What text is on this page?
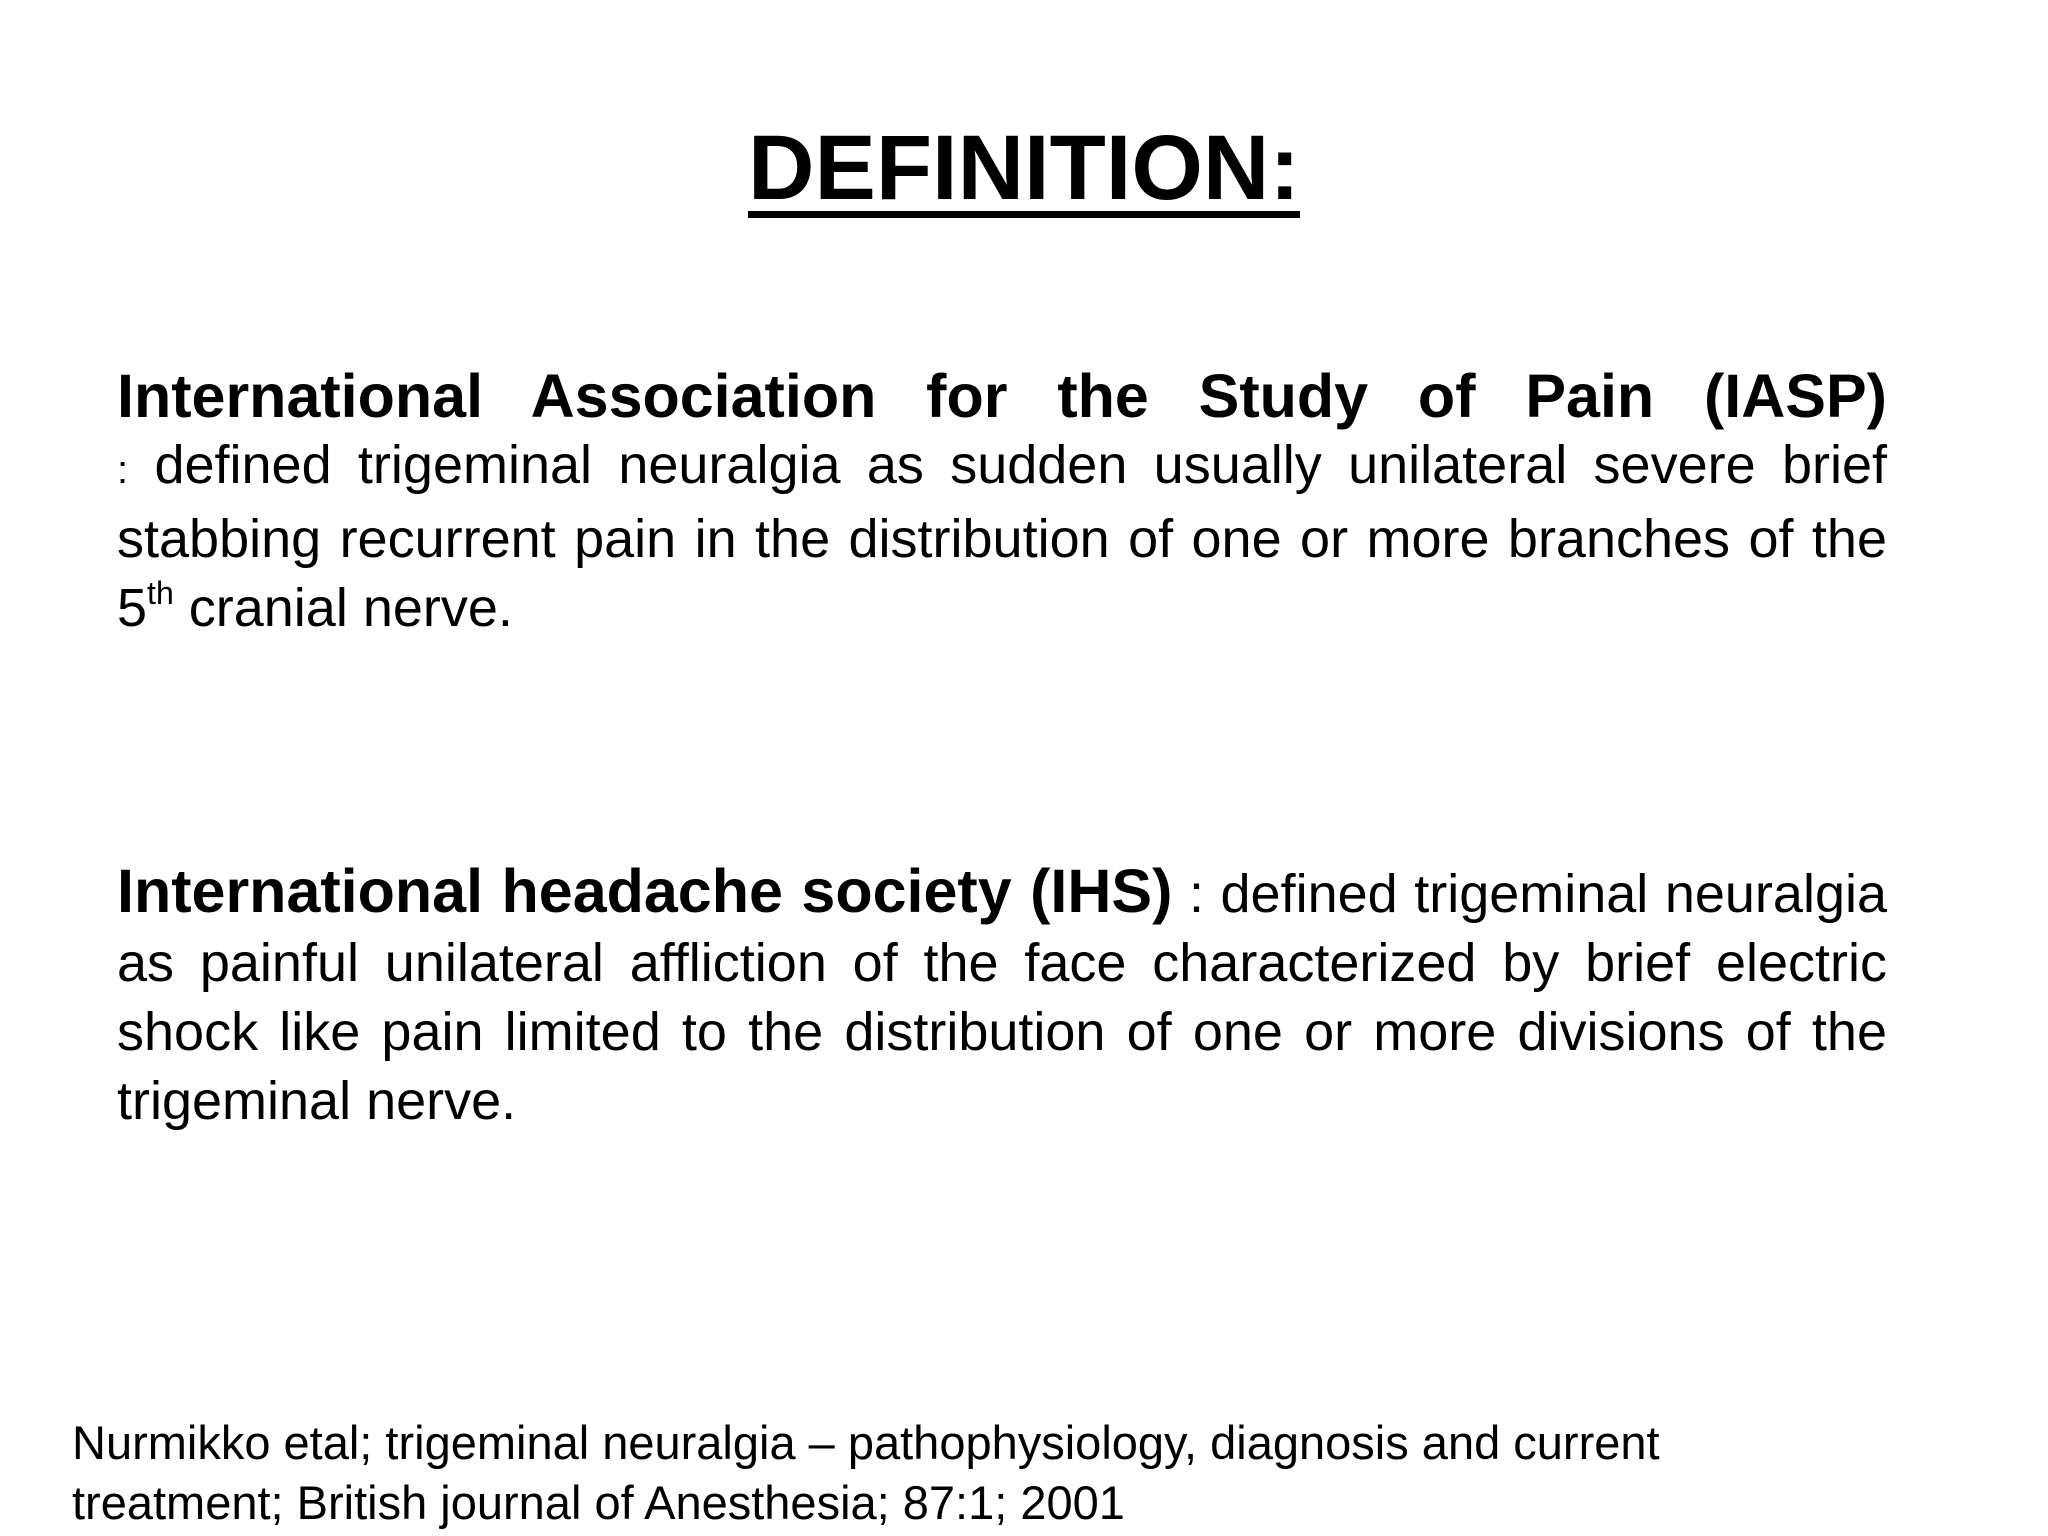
DEFINITION:

International Association for the Study of Pain (IASP)
: defined trigeminal neuralgia as sudden usually unilateral severe brief stabbing recurrent pain in the distribution of one or more branches of the 5th cranial nerve.

International headache society (IHS) : defined trigeminal neuralgia as painful unilateral affliction of the face characterized by brief electric shock like pain limited to the distribution of one or more divisions of the trigeminal nerve.

Nurmikko etal; trigeminal neuralgia – pathophysiology, diagnosis and current
treatment; British journal of Anesthesia; 87:1; 2001
